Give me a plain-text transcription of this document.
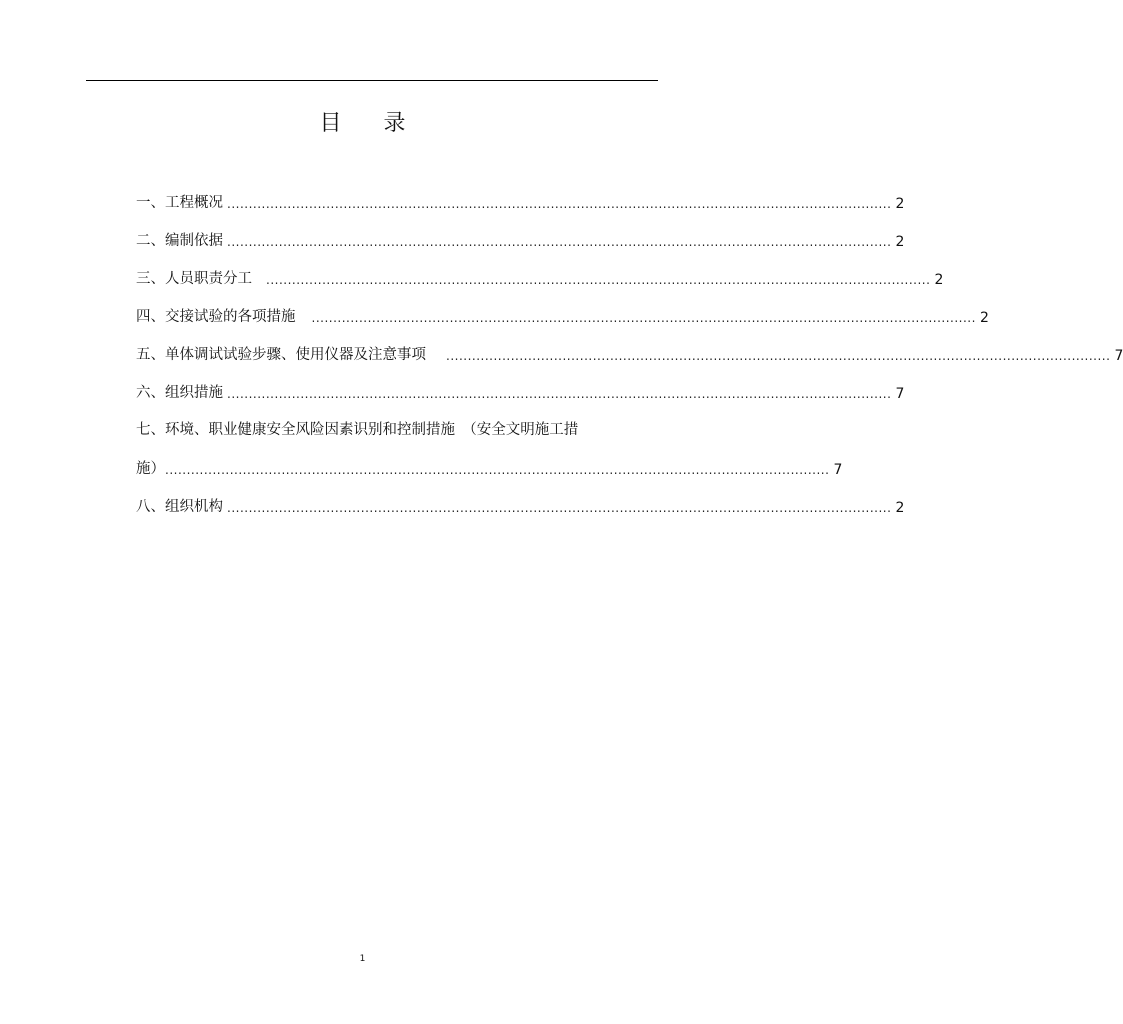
目 录
一、工程概况 .......................................................................................................................................................... 2
二、编制依据 .......................................................................................................................................................... 2
三、人员职责分工 .......................................................................................................................................................... 2
四、交接试验的各项措施 .......................................................................................................................................................... 2
五、单体调试试验步骤、使用仪器及注意事项 .......................................................................................................................................................... 7
六、组织措施 .......................................................................................................................................................... 7
七、环境、职业健康安全风险因素识别和控制措施　（安全文明施工措
施） .......................................................................................................................................................... 7
八、组织机构 .......................................................................................................................................................... 2
1
